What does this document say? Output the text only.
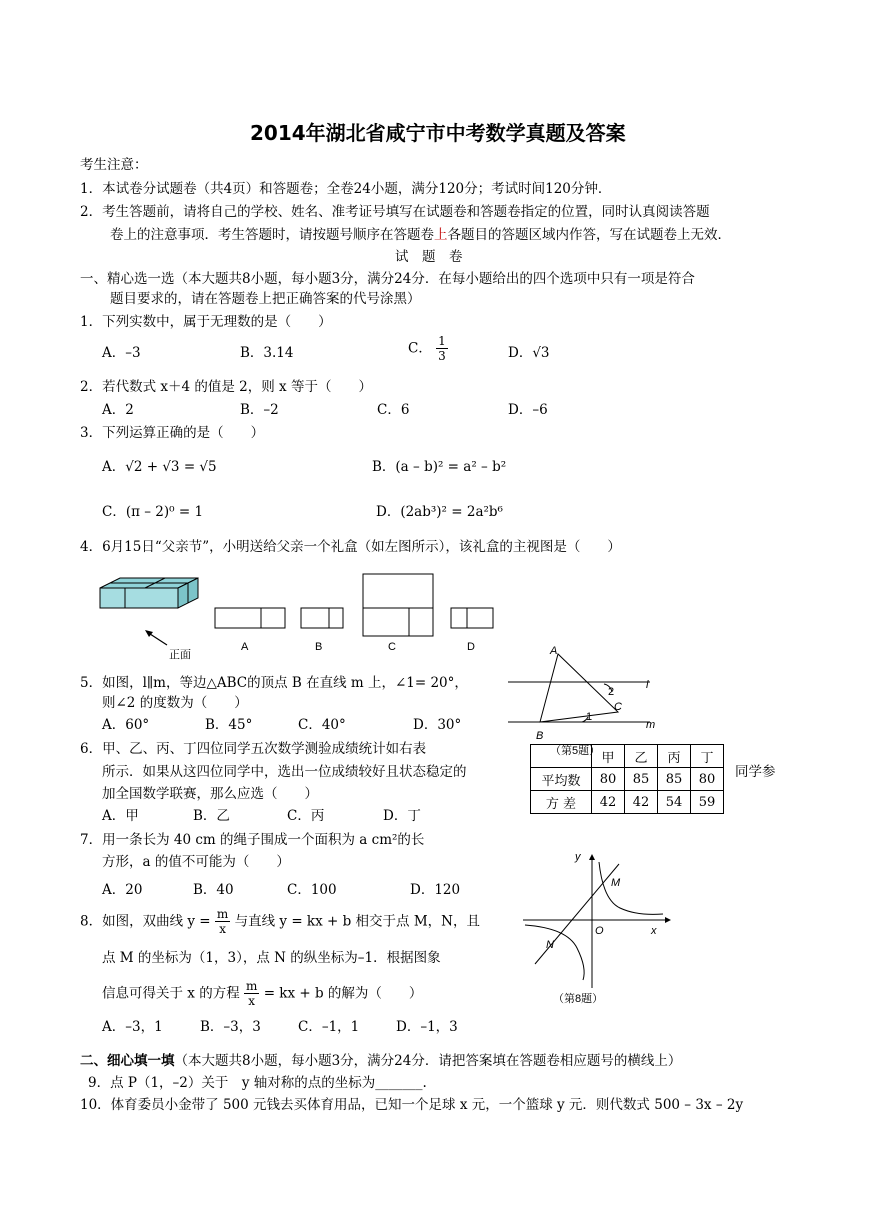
2014年湖北省咸宁市中考数学真题及答案
考生注意：
1．本试卷分试题卷（共4页）和答题卷；全卷24小题，满分120分；考试时间120分钟．
2．考生答题前，请将自己的学校、姓名、准考证号填写在试题卷和答题卷指定的位置，同时认真阅读答题
卷上的注意事项．考生答题时，请按题号顺序在答题卷上各题目的答题区域内作答，写在试题卷上无效．
试　题　卷
一、精心选一选（本大题共8小题，每小题3分，满分24分．在每小题给出的四个选项中只有一项是符合
题目要求的，请在答题卷上把正确答案的代号涂黑）
1．下列实数中，属于无理数的是（　　）
A．–3	B．3.14	C． $\frac{1}{3}$	D．√3
2．若代数式 x＋4 的值是 2，则 x 等于（　　）
A．2	B．–2	C．6	D．–6
3．下列运算正确的是（　　）
A．√2 + √3 = √5	B．(a – b)² = a² – b²
C．(π – 2)⁰ = 1	D．(2ab³)² = 2a²b⁶
4．6月15日“父亲节”，小明送给父亲一个礼盒（如左图所示），该礼盒的主视图是（　　）
正面
A	B	C	D
5．如图，l∥m，等边△ABC的顶点 B 在直线 m 上，∠1= 20°，
则∠2 的度数为（　　）
A．60°	B．45°	C．40°	D．30°
A
B
C
l
m
1
2
（第5题）
6．甲、乙、丙、丁四位同学五次数学测验成绩统计如右表
所示．如果从这四位同学中，选出一位成绩较好且状态稳定的	同学参
加全国数学联赛，那么应选（　　）
A．甲	B．乙	C．丙	D．丁
	甲	乙	丙	丁
平均数	80	85	85	80
方 差	42	42	54	59
7．用一条长为 40 cm 的绳子围成一个面积为 a cm²的长
方形，a 的值不可能为（　　）
A．20	B．40	C．100	D．120
8．如图，双曲线 $y = \frac{m}{x}$ 与直线 y = kx + b 相交于点 M，N，且
点 M 的坐标为（1，3），点 N 的纵坐标为–1．根据图象
信息可得关于 x 的方程 $\frac{m}{x}$ = kx + b 的解为（　　）
A．–3，1	B．–3，3	C．–1，1	D．–1，3
y
x
O
M
N
（第8题）
二、细心填一填（本大题共8小题，每小题3分，满分24分．请把答案填在答题卷相应题号的横线上）
9．点 P（1，–2）关于　y 轴对称的点的坐标为_______.
10．体育委员小金带了 500 元钱去买体育用品，已知一个足球 x 元，一个篮球 y 元．则代数式 500 – 3x – 2y
